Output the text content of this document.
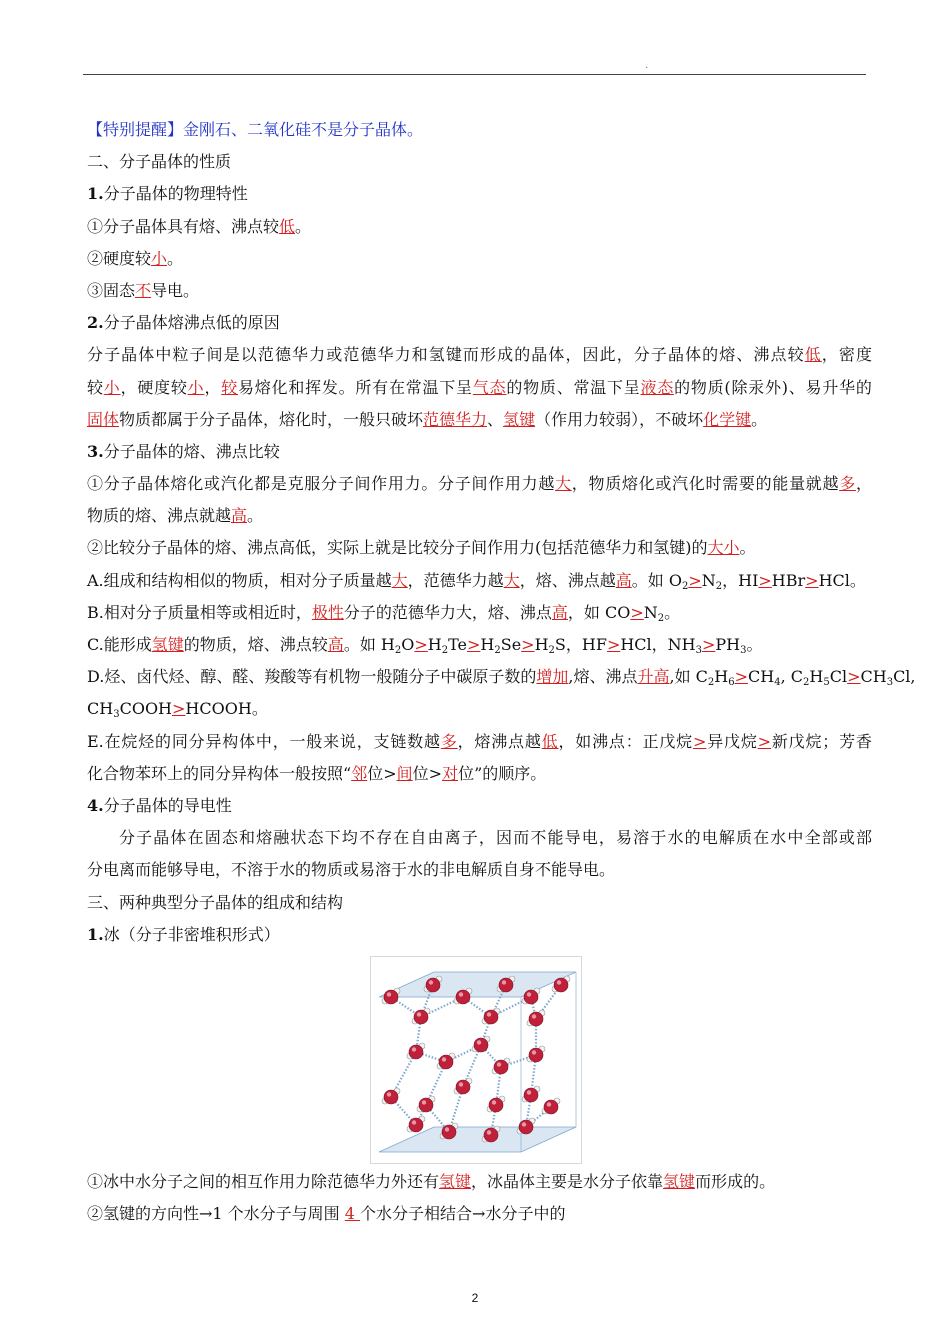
.
【特别提醒】金刚石、二氧化硅不是分子晶体。
二、分子晶体的性质
1.分子晶体的物理特性
①分子晶体具有熔、沸点较低。
②硬度较小。
③固态不导电。
2.分子晶体熔沸点低的原因
分子晶体中粒子间是以范德华力或范德华力和氢键而形成的晶体，因此，分子晶体的熔、沸点较低，密度
较小，硬度较小，较易熔化和挥发。所有在常温下呈气态的物质、常温下呈液态的物质(除汞外)、易升华的
固体物质都属于分子晶体，熔化时，一般只破坏范德华力、氢键（作用力较弱），不破坏化学键。
3.分子晶体的熔、沸点比较
①分子晶体熔化或汽化都是克服分子间作用力。分子间作用力越大，物质熔化或汽化时需要的能量就越多，
物质的熔、沸点就越高。
②比较分子晶体的熔、沸点高低，实际上就是比较分子间作用力(包括范德华力和氢键)的大小。
A.组成和结构相似的物质，相对分子质量越大，范德华力越大，熔、沸点越高。如 $O_2>N_2$，HI>HBr>HCl。
B.相对分子质量相等或相近时，极性分子的范德华力大，熔、沸点高，如 $CO>N_2$。
C.能形成氢键的物质，熔、沸点较高。如 $H_2O>H_2Te>H_2Se>H_2S$，HF>HCl，$NH_3>PH_3$。
D.烃、卤代烃、醇、醛、羧酸等有机物一般随分子中碳原子数的增加,熔、沸点升高,如 $C_2H_6>CH_4$, $C_2H_5Cl>CH_3Cl$,
$CH_3COOH>HCOOH$。
E.在烷烃的同分异构体中，一般来说，支链数越多，熔沸点越低，如沸点：正戊烷>异戊烷>新戊烷；芳香
化合物苯环上的同分异构体一般按照“邻位>间位>对位”的顺序。
4.分子晶体的导电性
分子晶体在固态和熔融状态下均不存在自由离子，因而不能导电，易溶于水的电解质在水中全部或部
分电离而能够导电，不溶于水的物质或易溶于水的非电解质自身不能导电。
三、两种典型分子晶体的组成和结构
1.冰（分子非密堆积形式）
①冰中水分子之间的相互作用力除范德华力外还有氢键，冰晶体主要是水分子依靠氢键而形成的。
②氢键的方向性→1 个水分子与周围 4 个水分子相结合→水分子中的
2
